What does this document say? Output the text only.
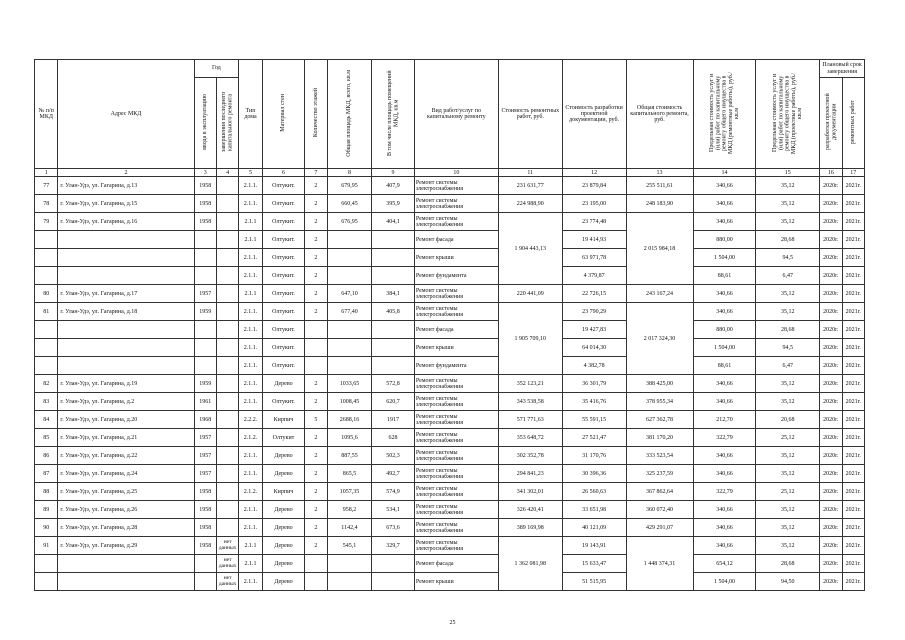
№ п/п МКД	Адрес МКД	Год		Тип дома	Материал стен	Количество этажей	Общая площадь МКД, всего, кв.м	В том числе площадь помещений МКД, кв.м	Вид работ/услуг по капитальному ремонту	Стоимость ремонтных работ, руб.	Стоимость разработки проектной документации, руб.	Общая стоимость капитального ремонта, руб.	Предельная стоимость услуг и (или) работ по капитальному ремонту общего имущества в МКД (ремонтные работы), руб./кв.м	Предельная стоимость услуг и (или) работ по капитальному ремонту общего имущества в МКД (проектные работы), руб./кв.м	Плановый срок завершения	
		ввода в эксплуатацию	завершения последнего капитального ремонта												разработки проектной документации	ремонтных работ
1	2	3	4	5	6	7	8	9	10	11	12	13	14	15	16	17
77	г. Улан-Удэ, ул. Гагарина, д.13	1958		2.1.1.	Олтукит.	2	679,95	407,9	Ремонт системы электроснабжения	231 631,77	23 879,84	255 511,61	340,66	35,12	2020г.	2021г.
78	г. Улан-Удэ, ул. Гагарина, д.15	1958		2.1.1.	Олтукит.	2	660,45	395,9	Ремонт системы электроснабжения	224 988,90	23 195,00	248 183,90	340,66	35,12	2020г.	2021г.
79	г. Улан-Удэ, ул. Гагарина, д.16	1958		2.1.1	Олтукит.	2	676,95	404,1	Ремонт системы электроснабжения	1 904 443,13	23 774,48	2 015 984,18	340,66	35,12	2020г.	2021г.
				2.1.1	Олтукит.	2			Ремонт фасада		19 414,93		880,00	28,68	2020г.	2021г.
				2.1.1.	Олтукит.	2			Ремонт крыши		63 971,78		1 504,00	94,5	2020г.	2021г.
				2.1.1.	Олтукит.	2			Ремонт фундамента		4 379,87		88,61	6,47	2020г.	2021г.
80	г. Улан-Удэ, ул. Гагарина, д.17	1957		2.1.1	Олтукит.	2	647,10	384,1	Ремонт системы электроснабжения	220 441,09	22 726,15	243 167,24	340,66	35,12	2020г.	2021г.
81	г. Улан-Удэ, ул. Гагарина, д.18	1959		2.1.1.	Олтукит.	2	677,40	405,8	Ремонт системы электроснабжения	1 905 709,10	23 790,29	2 017 324,30	340,66	35,12	2020г.	2021г.
				2.1.1.	Олтукит.				Ремонт фасада		19 427,83		880,00	28,68	2020г.	2021г.
				2.1.1.	Олтукит.				Ремонт крыши		64 014,30		1 504,00	94,5	2020г.	2021г.
				2.1.1.	Олтукит.				Ремонт фундамента		4 382,78		88,61	6,47	2020г.	2021г.
82	г. Улан-Удэ, ул. Гагарина, д.19	1959		2.1.1.	Дерево	2	1033,65	572,8	Ремонт системы электроснабжения	352 123,21	36 301,79	388 425,00	340,66	35,12	2020г.	2021г.
83	г. Улан-Удэ, ул. Гагарина, д.2	1961		2.1.1.	Олтукит.	2	1008,45	620,7	Ремонт системы электроснабжения	343 538,58	35 416,76	378 955,34	340,66	35,12	2020г.	2021г.
84	г. Улан-Удэ, ул. Гагарина, д.20	1968		2.2.2.	Кирпич	5	2688,16	1917	Ремонт системы электроснабжения	571 771,63	55 591,15	627 362,78	212,70	20,68	2020г.	2021г.
85	г. Улан-Удэ, ул. Гагарина, д.21	1957		2.1.2.	Олтукит	2	1095,6	628	Ремонт системы электроснабжения	353 648,72	27 521,47	381 170,20	322,79	25,12	2020г.	2021г.
86	г. Улан-Удэ, ул. Гагарина, д.22	1957		2.1.1.	Дерево	2	887,55	502,3	Ремонт системы электроснабжения	302 352,78	31 170,76	333 523,54	340,66	35,12	2020г.	2021г.
87	г. Улан-Удэ, ул. Гагарина, д.24	1957		2.1.1.	Дерево	2	865,5	492,7	Ремонт системы электроснабжения	294 841,23	30 396,36	325 237,59	340,66	35,12	2020г.	2021г.
88	г. Улан-Удэ, ул. Гагарина, д.25	1958		2.1.2.	Кирпич	2	1057,35	574,9	Ремонт системы электроснабжения	341 302,01	26 560,63	367 862,64	322,79	25,12	2020г.	2021г.
89	г. Улан-Удэ, ул. Гагарина, д.26	1958		2.1.1.	Дерево	2	958,2	534,1	Ремонт системы электроснабжения	326 420,41	33 651,98	360 072,40	340,66	35,12	2020г.	2021г.
90	г. Улан-Удэ, ул. Гагарина, д.28	1958		2.1.1.	Дерево	2	1142,4	673,6	Ремонт системы электроснабжения	389 169,98	40 121,09	429 291,07	340,66	35,12	2020г.	2021г.
91	г. Улан-Удэ, ул. Гагарина, д.29	1958	нет данных	2.1.1	Дерево	2	545,1	329,7	Ремонт системы электроснабжения	1 362 081,98	19 143,91	1 448 374,31	340,66	35,12	2020г.	2021г.
			нет данных	2.1.1	Дерево				Ремонт фасада		15 633,47		654,12	28,68	2020г.	2021г.
			нет данных	2.1.1.	Дерево				Ремонт крыши		51 515,95		1 504,00	94,50	2020г.	2021г.
25
